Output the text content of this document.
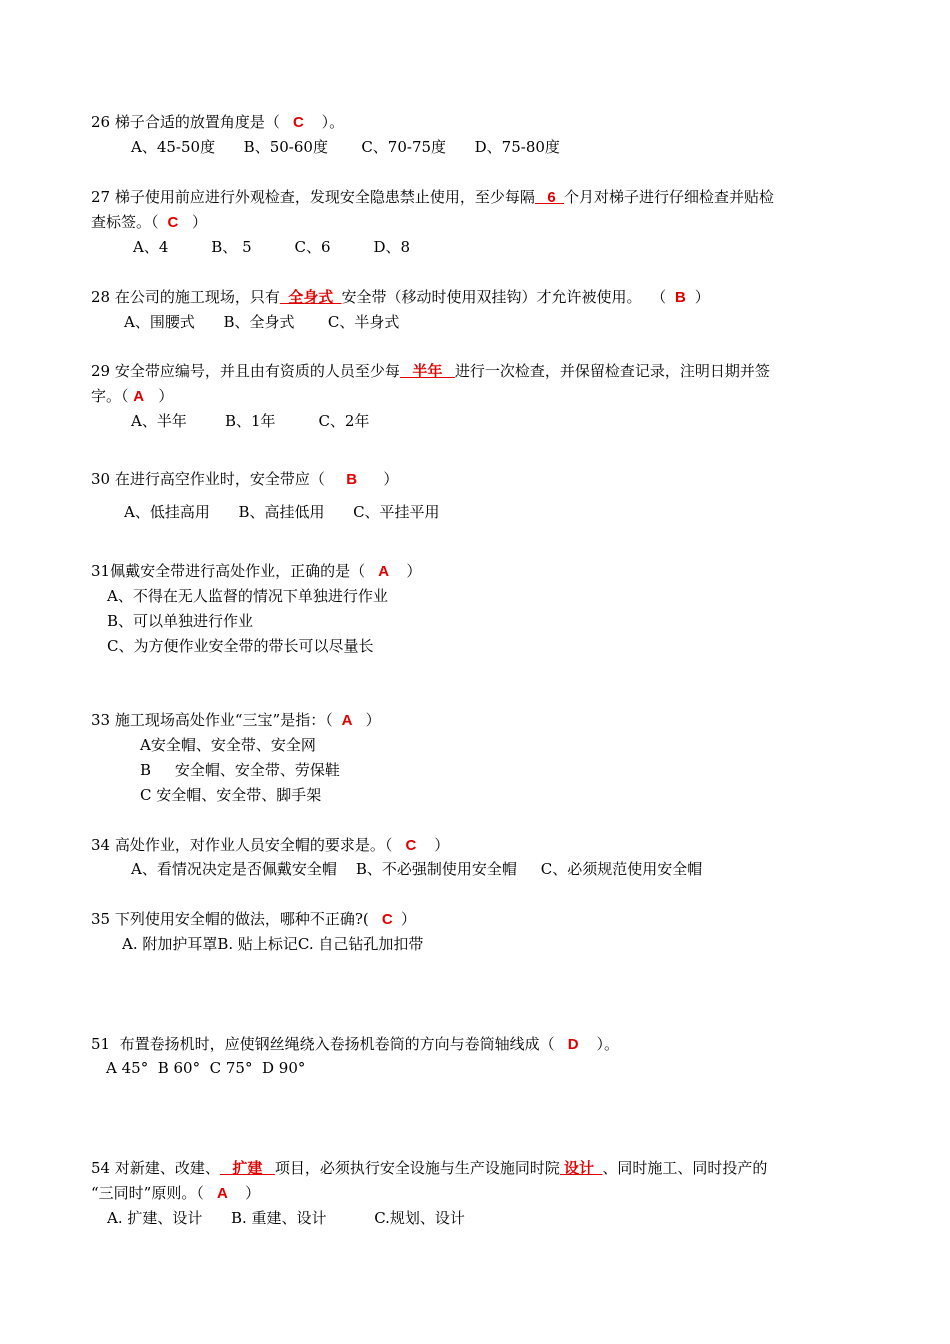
26 梯子合适的放置角度是（   C    ）。
A、45-50度      B、50-60度       C、70-75度      D、75-80度
27 梯子使用前应进行外观检查，发现安全隐患禁止使用，至少每隔   6  个月对梯子进行仔细检查并贴检
查标签。（  C   ）
A、4         B、 5         C、6         D、8
28 在公司的施工现场，只有  全身式  安全带（移动时使用双挂钩）才允许被使用。  （  B  ）
A、围腰式      B、全身式       C、半身式
29 安全带应编号，并且由有资质的人员至少每   半年   进行一次检查，并保留检查记录，注明日期并签
字。（ A   ）
A、半年        B、1年         C、2年
30 在进行高空作业时，安全带应（     B      ）
A、低挂高用      B、高挂低用      C、平挂平用
31佩戴安全带进行高处作业，正确的是（   A    ）
A、不得在无人监督的情况下单独进行作业
B、可以单独进行作业
C、为方便作业安全带的带长可以尽量长
33 施工现场高处作业“三宝”是指：（  A   ）
A安全帽、安全带、安全网
B     安全帽、安全带、劳保鞋
C 安全帽、安全带、脚手架
34 高处作业，对作业人员安全帽的要求是。（   C    ）
A、看情况决定是否佩戴安全帽    B、不必强制使用安全帽     C、必须规范使用安全帽
35 下列使用安全帽的做法，哪种不正确?(   C  ）
A. 附加护耳罩B. 贴上标记C. 自己钻孔加扣带
51  布置卷扬机时，应使钢丝绳绕入卷扬机卷筒的方向与卷筒轴线成（   D    ）。
A 45°  B 60°  C 75°  D 90°
54 对新建、改建、   扩建   项目，必须执行安全设施与生产设施同时院 设计  、同时施工、同时投产的
“三同时”原则。（   A    ）
A. 扩建、设计      B. 重建、设计          C.规划、设计
